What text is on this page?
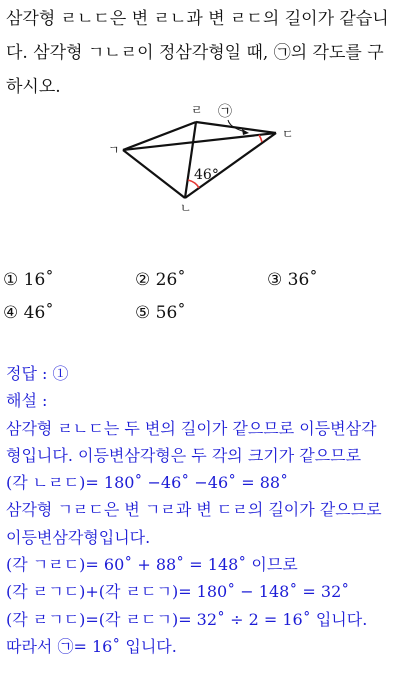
삼각형 ㄹㄴㄷ은 변 ㄹㄴ과 변 ㄹㄷ의 길이가 같습니
다. 삼각형 ㄱㄴㄹ이 정삼각형일 때, ㉠의 각도를 구
하시오.
ㄹ
ㄱ
ㄷ
ㄴ
㉠
46°
① 16˚	② 26˚	③ 36˚
④ 46˚	⑤ 56˚
정답 : ①
해설 :
삼각형 ㄹㄴㄷ는 두 변의 길이가 같으므로 이등변삼각
형입니다. 이등변삼각형은 두 각의 크기가 같으므로
(각 ㄴㄹㄷ)= 180˚ −46˚ −46˚ = 88˚
삼각형 ㄱㄹㄷ은 변 ㄱㄹ과 변 ㄷㄹ의 길이가 같으므로
이등변삼각형입니다.
(각 ㄱㄹㄷ)= 60˚ + 88˚ = 148˚ 이므로
(각 ㄹㄱㄷ)+(각 ㄹㄷㄱ)= 180˚ − 148˚ = 32˚
(각 ㄹㄱㄷ)=(각 ㄹㄷㄱ)= 32˚ ÷ 2 = 16˚ 입니다.
따라서 ㉠= 16˚ 입니다.
